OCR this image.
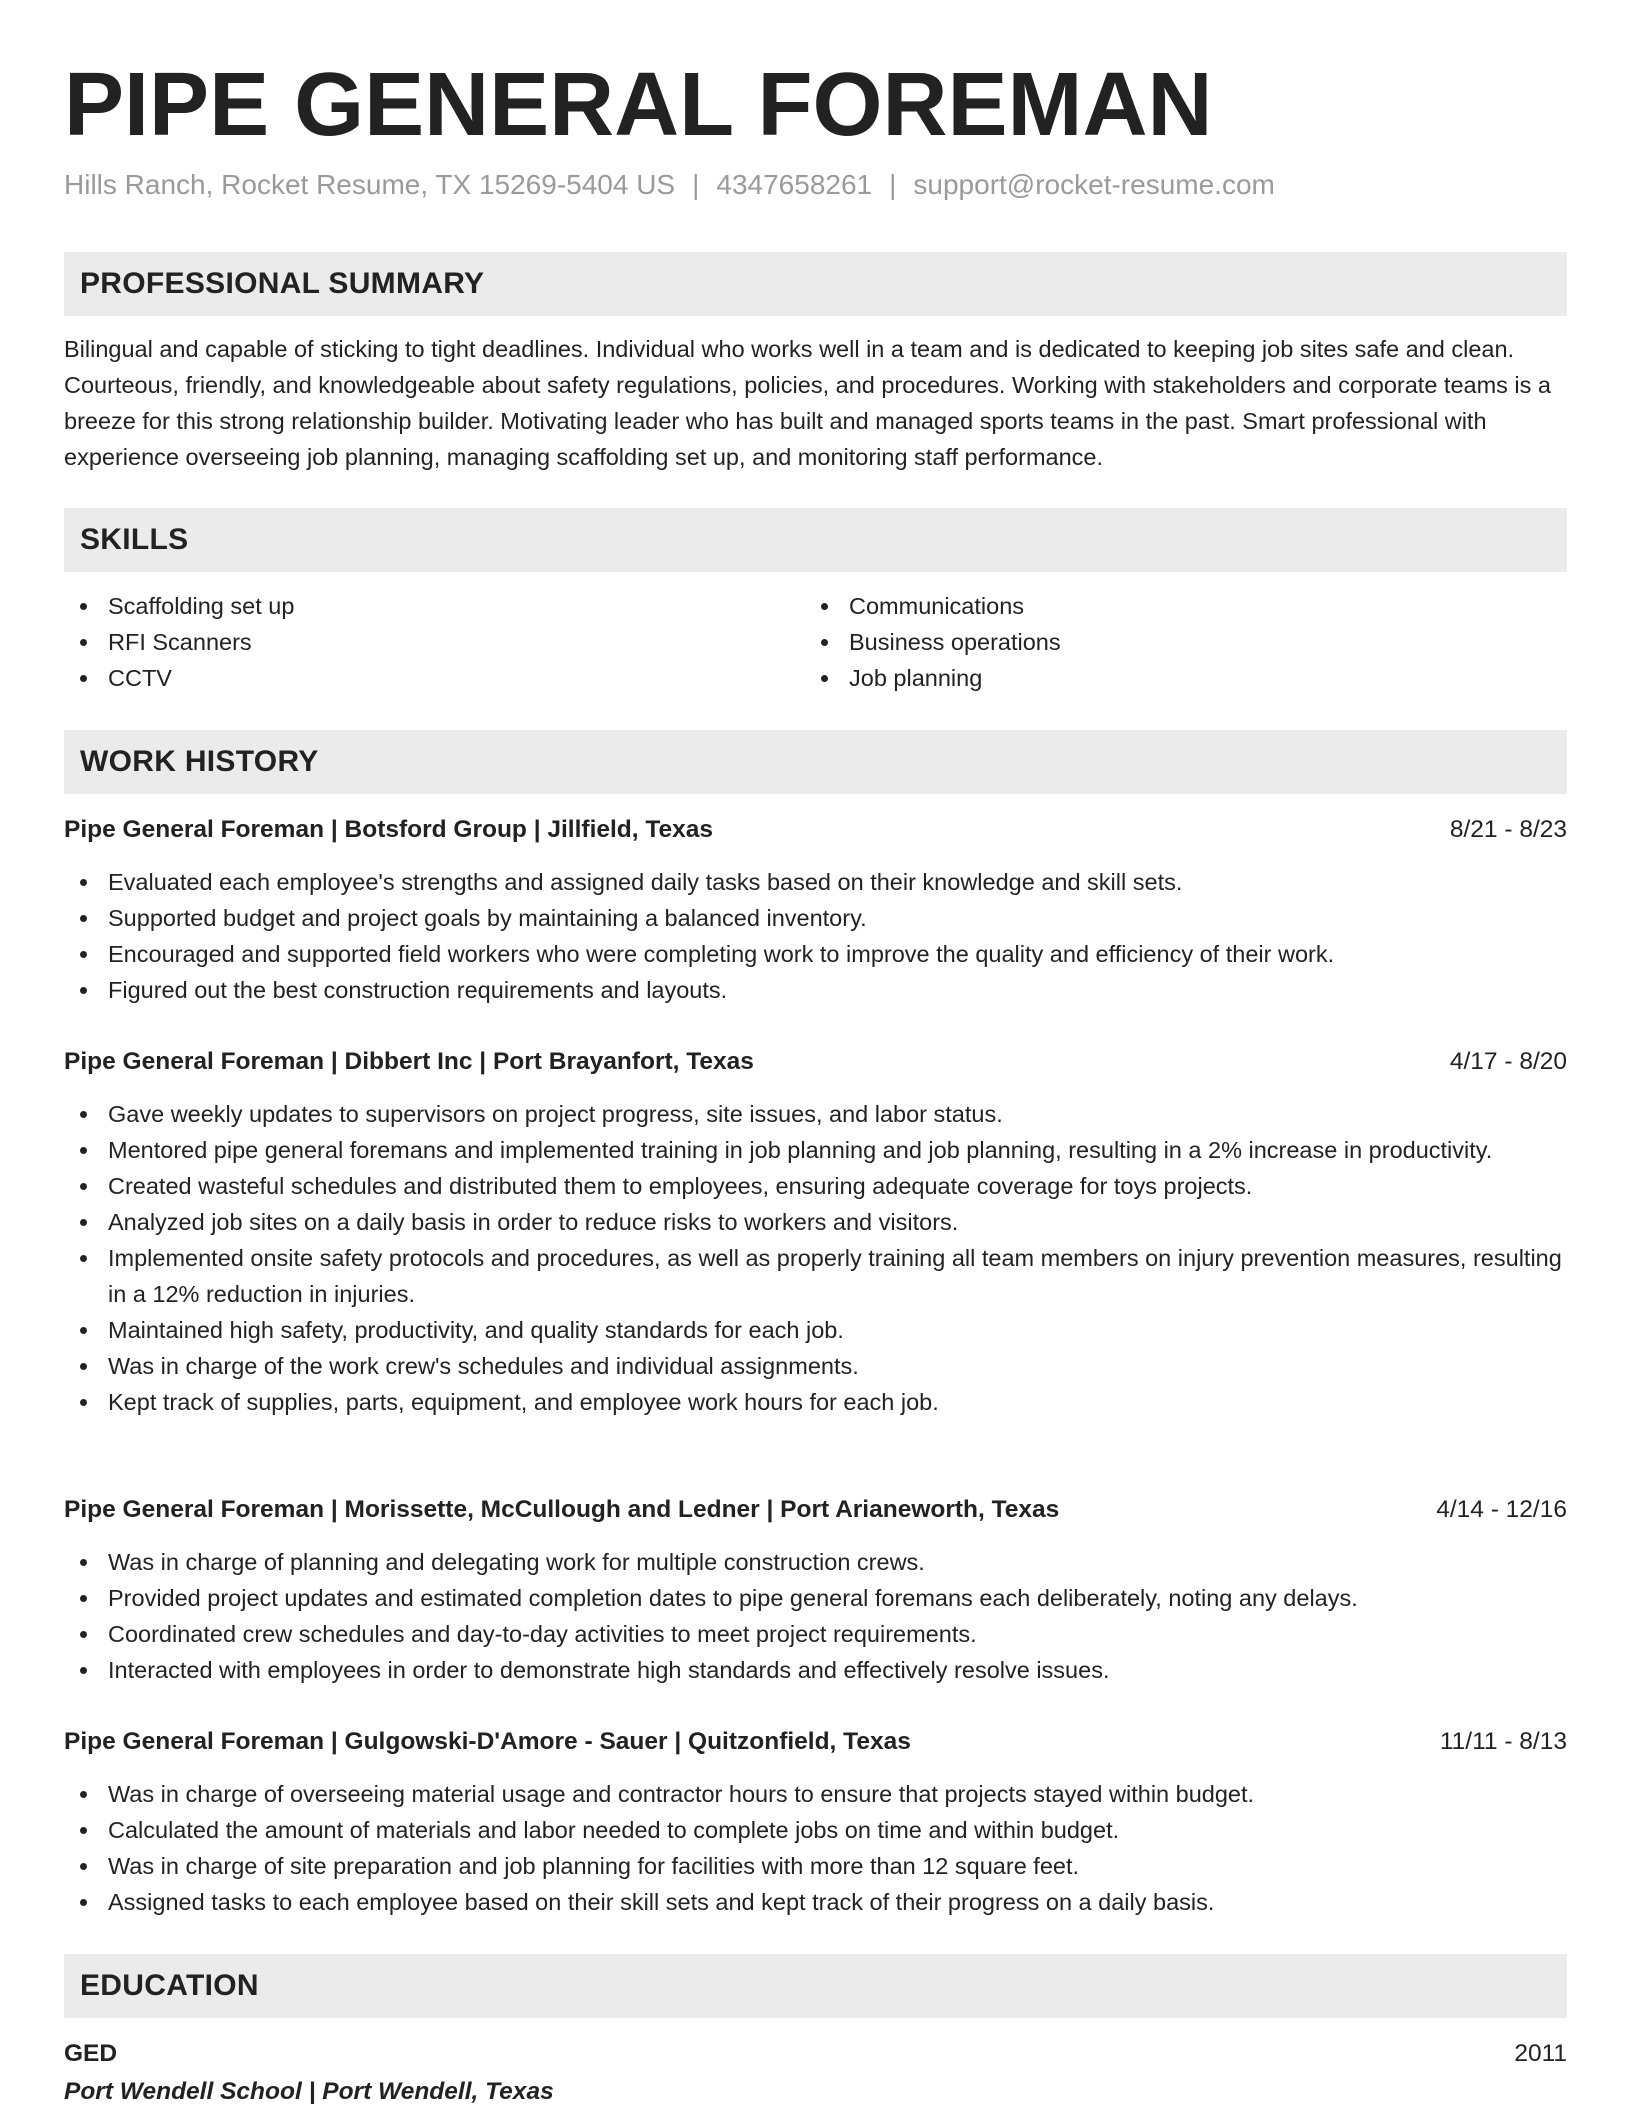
PIPE GENERAL FOREMAN
Hills Ranch, Rocket Resume, TX 15269-5404 US | 4347658261 | support@rocket-resume.com
PROFESSIONAL SUMMARY

Bilingual and capable of sticking to tight deadlines. Individual who works well in a team and is dedicated to keeping job sites safe and clean. Courteous, friendly, and knowledgeable about safety regulations, policies, and procedures. Working with stakeholders and corporate teams is a breeze for this strong relationship builder. Motivating leader who has built and managed sports teams in the past. Smart professional with experience overseeing job planning, managing scaffolding set up, and monitoring staff performance.

SKILLS
Scaffolding set up
RFI Scanners
CCTV
Communications
Business operations
Job planning
WORK HISTORY
Pipe General Foreman | Botsford Group | Jillfield, Texas	8/21 - 8/23
Evaluated each employee's strengths and assigned daily tasks based on their knowledge and skill sets.
Supported budget and project goals by maintaining a balanced inventory.
Encouraged and supported field workers who were completing work to improve the quality and efficiency of their work.
Figured out the best construction requirements and layouts.
Pipe General Foreman | Dibbert Inc | Port Brayanfort, Texas	4/17 - 8/20
Gave weekly updates to supervisors on project progress, site issues, and labor status.
Mentored pipe general foremans and implemented training in job planning and job planning, resulting in a 2% increase in productivity.
Created wasteful schedules and distributed them to employees, ensuring adequate coverage for toys projects.
Analyzed job sites on a daily basis in order to reduce risks to workers and visitors.
Implemented onsite safety protocols and procedures, as well as properly training all team members on injury prevention measures, resulting in a 12% reduction in injuries.
Maintained high safety, productivity, and quality standards for each job.
Was in charge of the work crew's schedules and individual assignments.
Kept track of supplies, parts, equipment, and employee work hours for each job.
Pipe General Foreman | Morissette, McCullough and Ledner | Port Arianeworth, Texas	4/14 - 12/16
Was in charge of planning and delegating work for multiple construction crews.
Provided project updates and estimated completion dates to pipe general foremans each deliberately, noting any delays.
Coordinated crew schedules and day-to-day activities to meet project requirements.
Interacted with employees in order to demonstrate high standards and effectively resolve issues.
Pipe General Foreman | Gulgowski-D'Amore - Sauer | Quitzonfield, Texas	11/11 - 8/13
Was in charge of overseeing material usage and contractor hours to ensure that projects stayed within budget.
Calculated the amount of materials and labor needed to complete jobs on time and within budget.
Was in charge of site preparation and job planning for facilities with more than 12 square feet.
Assigned tasks to each employee based on their skill sets and kept track of their progress on a daily basis.
EDUCATION
GED	2011
Port Wendell School | Port Wendell, Texas
